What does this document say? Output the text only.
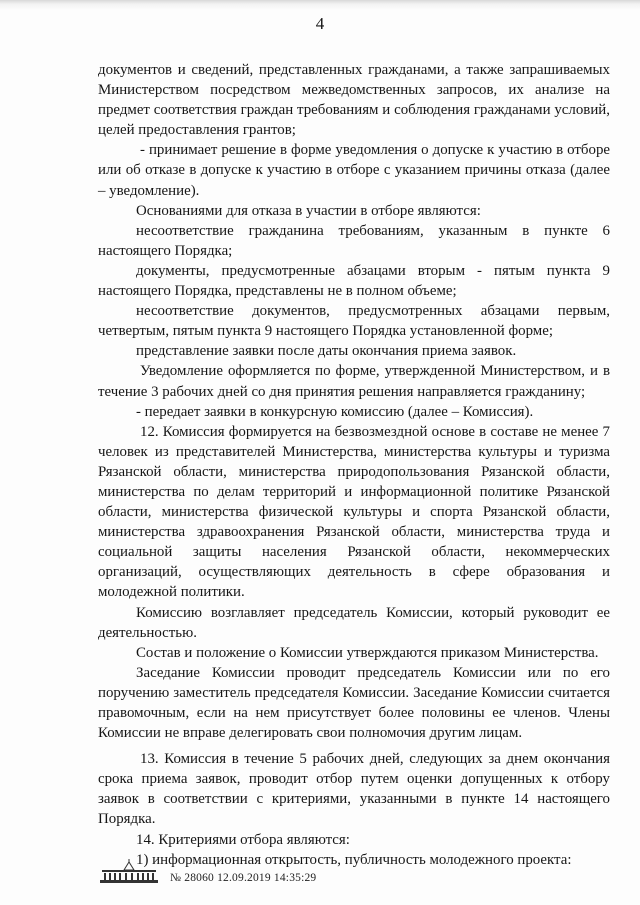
4

документов и сведений, представленных гражданами, а также запрашиваемых Министерством посредством межведомственных запросов, их анализе на предмет соответствия граждан требованиям и соблюдения гражданами условий, целей предоставления грантов;

- принимает решение в форме уведомления о допуске к участию в отборе или об отказе в допуске к участию в отборе с указанием причины отказа (далее – уведомление).

Основаниями для отказа в участии в отборе являются:

несоответствие гражданина требованиям, указанным в пункте 6 настоящего Порядка;

документы, предусмотренные абзацами вторым - пятым пункта 9 настоящего Порядка, представлены не в полном объеме;

несоответствие документов, предусмотренных абзацами первым, четвертым, пятым пункта 9 настоящего Порядка установленной форме;

представление заявки после даты окончания приема заявок.

Уведомление оформляется по форме, утвержденной Министерством, и в течение 3 рабочих дней со дня принятия решения направляется гражданину;

- передает заявки в конкурсную комиссию (далее – Комиссия).

12. Комиссия формируется на безвозмездной основе в составе не менее 7 человек из представителей Министерства, министерства культуры и туризма Рязанской области, министерства природопользования Рязанской области, министерства по делам территорий и информационной политике Рязанской области, министерства физической культуры и спорта Рязанской области, министерства здравоохранения Рязанской области, министерства труда и социальной защиты населения Рязанской области, некоммерческих организаций, осуществляющих деятельность в сфере образования и молодежной политики.

Комиссию возглавляет председатель Комиссии, который руководит ее деятельностью.

Состав и положение о Комиссии утверждаются приказом Министерства.

Заседание Комиссии проводит председатель Комиссии или по его поручению заместитель председателя Комиссии. Заседание Комиссии считается правомочным, если на нем присутствует более половины ее членов. Члены Комиссии не вправе делегировать свои полномочия другим лицам.

13. Комиссия в течение 5 рабочих дней, следующих за днем окончания срока приема заявок, проводит отбор путем оценки допущенных к отбору заявок в соответствии с критериями, указанными в пункте 14 настоящего Порядка.

14. Критериями отбора являются:

1) информационная открытость, публичность молодежного проекта:

№ 28060 12.09.2019 14:35:29
